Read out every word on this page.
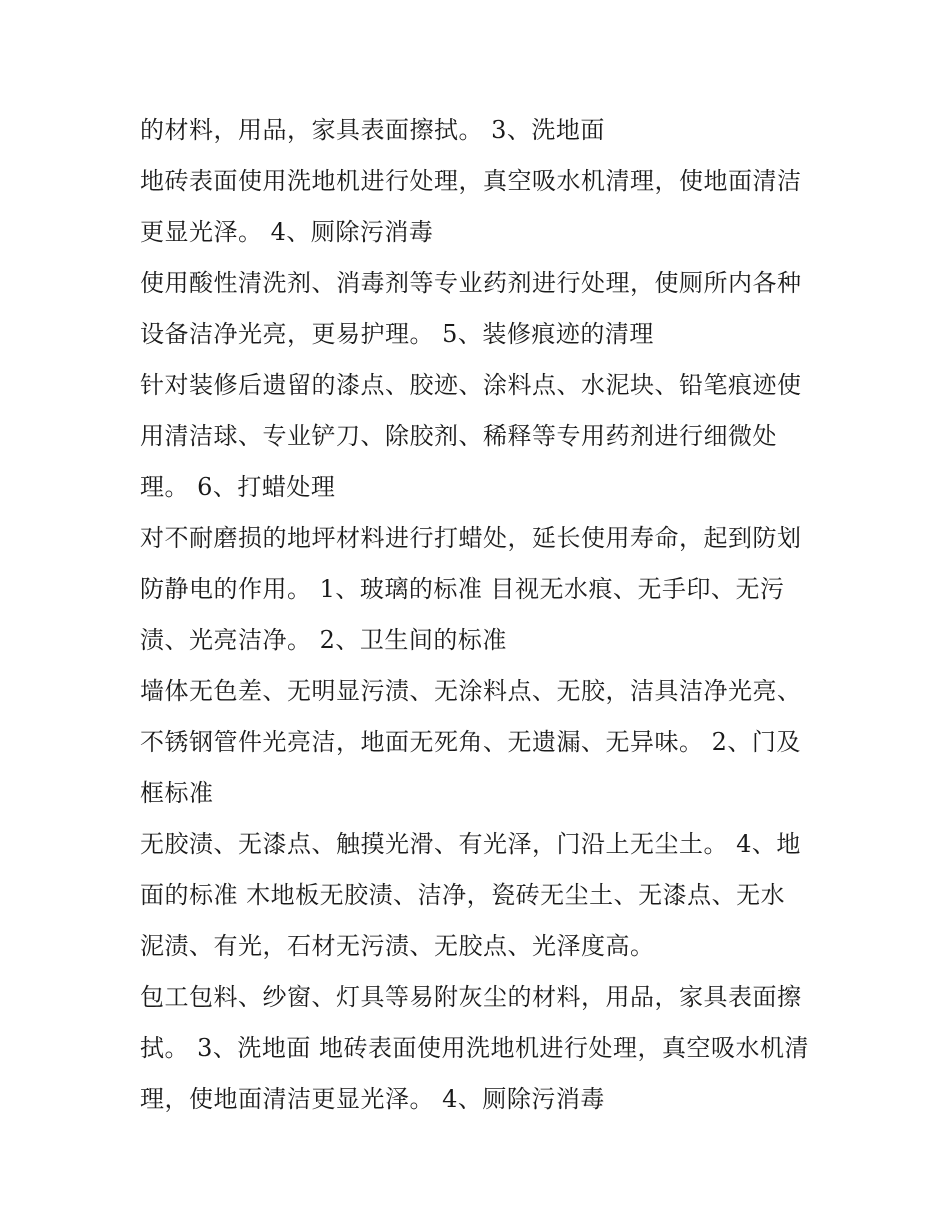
的材料，用品，家具表面擦拭。 3、洗地面
地砖表面使用洗地机进行处理，真空吸水机清理，使地面清洁
更显光泽。 4、厕除污消毒
使用酸性清洗剂、消毒剂等专业药剂进行处理，使厕所内各种
设备洁净光亮，更易护理。 5、装修痕迹的清理
针对装修后遗留的漆点、胶迹、涂料点、水泥块、铅笔痕迹使
用清洁球、专业铲刀、除胶剂、稀释等专用药剂进行细微处
理。 6、打蜡处理
对不耐磨损的地坪材料进行打蜡处，延长使用寿命，起到防划
防静电的作用。 1、玻璃的标准 目视无水痕、无手印、无污
渍、光亮洁净。 2、卫生间的标准
墙体无色差、无明显污渍、无涂料点、无胶，洁具洁净光亮、
不锈钢管件光亮洁，地面无死角、无遗漏、无异味。 2、门及
框标准
无胶渍、无漆点、触摸光滑、有光泽，门沿上无尘土。 4、地
面的标准 木地板无胶渍、洁净，瓷砖无尘土、无漆点、无水
泥渍、有光，石材无污渍、无胶点、光泽度高。
包工包料、纱窗、灯具等易附灰尘的材料，用品，家具表面擦
拭。 3、洗地面 地砖表面使用洗地机进行处理，真空吸水机清
理，使地面清洁更显光泽。 4、厕除污消毒
